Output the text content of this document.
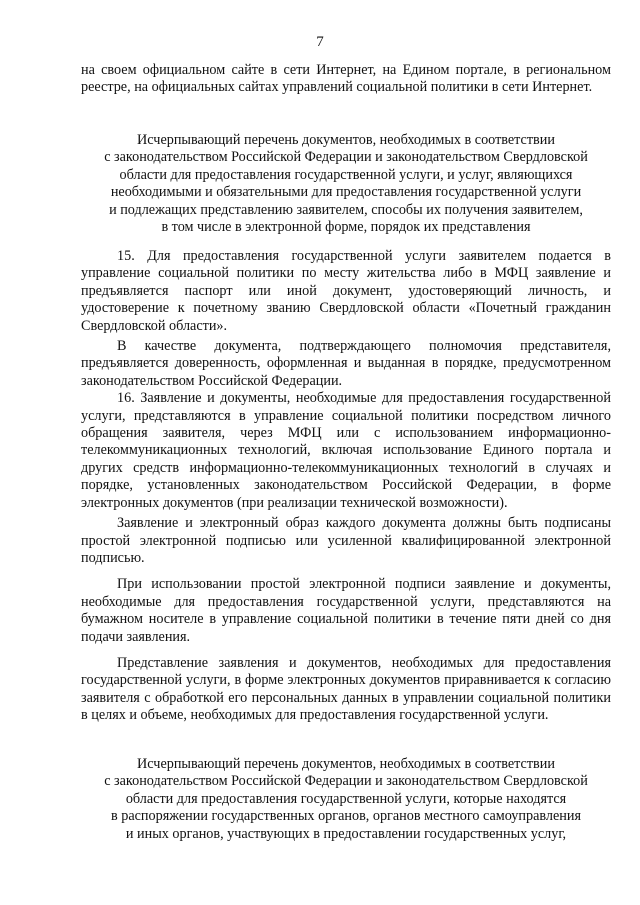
7

на своем официальном сайте в сети Интернет, на Едином портале, в региональном реестре, на официальных сайтах управлений социальной политики в сети Интернет.

Исчерпывающий перечень документов, необходимых в соответствии

с законодательством Российской Федерации и законодательством Свердловской

области для предоставления государственной услуги, и услуг, являющихся

необходимыми и обязательными для предоставления государственной услуги

и подлежащих представлению заявителем, способы их получения заявителем,

в том числе в электронной форме, порядок их представления

15. Для предоставления государственной услуги заявителем подается в управление социальной политики по месту жительства либо в МФЦ заявление и предъявляется паспорт или иной документ, удостоверяющий личность, и удостоверение к почетному званию Свердловской области «Почетный гражданин Свердловской области».

В качестве документа, подтверждающего полномочия представителя, предъявляется доверенность, оформленная и выданная в порядке, предусмотренном законодательством Российской Федерации.

16. Заявление и документы, необходимые для предоставления государственной услуги, представляются в управление социальной политики посредством личного обращения заявителя, через МФЦ или с использованием информационно-телекоммуникационных технологий, включая использование Единого портала и других средств информационно-телекоммуникационных технологий в случаях и порядке, установленных законодательством Российской Федерации, в форме электронных документов (при реализации технической возможности).

Заявление и электронный образ каждого документа должны быть подписаны простой электронной подписью или усиленной квалифицированной электронной подписью.

При использовании простой электронной подписи заявление и документы, необходимые для предоставления государственной услуги, представляются на бумажном носителе в управление социальной политики в течение пяти дней со дня подачи заявления.

Представление заявления и документов, необходимых для предоставления государственной услуги, в форме электронных документов приравнивается к согласию заявителя с обработкой его персональных данных в управлении социальной политики в целях и объеме, необходимых для предоставления государственной услуги.

Исчерпывающий перечень документов, необходимых в соответствии

с законодательством Российской Федерации и законодательством Свердловской

области для предоставления государственной услуги, которые находятся

в распоряжении государственных органов, органов местного самоуправления

и иных органов, участвующих в предоставлении государственных услуг,
